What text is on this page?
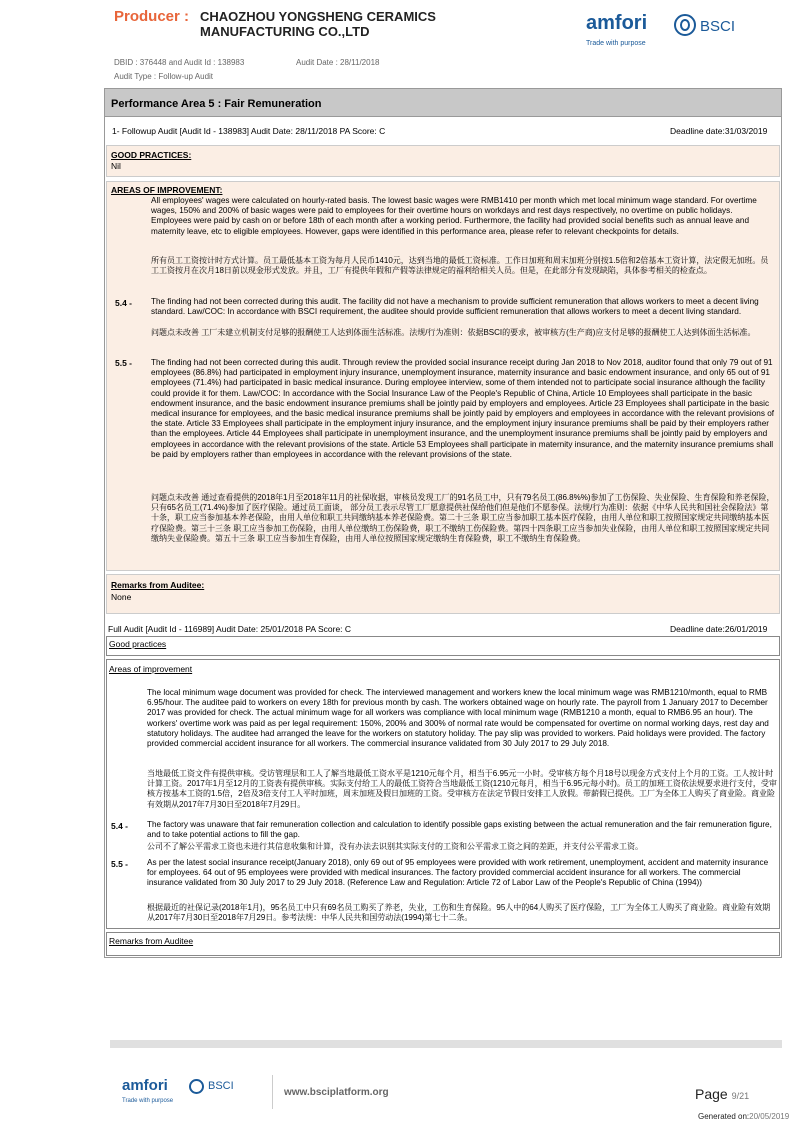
Producer : CHAOZHOU YONGSHENG CERAMICS MANUFACTURING CO.,LTD
DBID : 376448 and Audit Id : 138983	Audit Date : 28/11/2018
Audit Type : Follow-up Audit
amfori	BSCI
Trade with purpose
Performance Area 5 : Fair Remuneration
1- Followup Audit [Audit Id - 138983] Audit Date: 28/11/2018 PA Score: C	Deadline date:31/03/2019
GOOD PRACTICES:
Nil
AREAS OF IMPROVEMENT:
All employees' wages were calculated on hourly-rated basis. The lowest basic wages were RMB1410 per month which met local minimum wage standard. For overtime wages, 150% and 200% of basic wages were paid to employees for their overtime hours on workdays and rest days respectively, no overtime on public holidays. Employees were paid by cash on or before 18th of each month after a working period. Furthermore, the facility had provided social benefits such as annual leave and maternity leave, etc to eligible employees. However, gaps were identified in this performance area, please refer to relevant checkpoints for details.
所有员工工资按计时方式计算。员工最低基本工资为每月人民币1410元，达到当地的最低工资标准。工作日加班和周末加班分别按1.5倍和2倍基本工资计算，法定假无加班。员工工资按月在次月18日前以现金形式发放。并且，工厂有提供年假和产假等法律规定的福利给相关人员。但是，在此部分有发现缺陷，具体参考相关的检查点。
5.4 - The finding had not been corrected during this audit. The facility did not have a mechanism to provide sufficient remuneration that allows workers to meet a decent living standard. Law/COC: In accordance with BSCI requirement, the auditee should provide sufficient remuneration that allows workers to meet a decent living standard.
问题点未改善 工厂未建立机制支付足够的报酬使工人达到体面生活标准。法规/行为准则：依据BSCI的要求，被审核方(生产商)应支付足够的报酬使工人达到体面生活标准。
5.5 - The finding had not been corrected during this audit. Through review the provided social insurance receipt during Jan 2018 to Nov 2018, auditor found that only 79 out of 91 employees (86.8%) had participated in employment injury insurance, unemployment insurance, maternity insurance and basic endowment insurance, and only 65 out of 91 employees (71.4%) had participated in basic medical insurance. During employee interview, some of them intended not to participate social insurance although the facility could provide it for them. Law/COC: In accordance with the Social Insurance Law of the People's Republic of China, Article 10 Employees shall participate in the basic endowment insurance, and the basic endowment insurance premiums shall be jointly paid by employers and employees. Article 23 Employees shall participate in the basic medical insurance for employees, and the basic medical insurance premiums shall be jointly paid by employers and employees in accordance with the relevant provisions of the state. Article 33 Employees shall participate in the employment injury insurance, and the employment injury insurance premiums shall be paid by their employers rather than the employees. Article 44 Employees shall participate in unemployment insurance, and the unemployment insurance premiums shall be jointly paid by employers and employees in accordance with the relevant provisions of the state. Article 53 Employees shall participate in maternity insurance, and the maternity insurance premiums shall be paid by employers rather than employees in accordance with the relevant provisions of the state.
问题点未改善 通过查看提供的2018年1月至2018年11月的社保收据，审核员发现工厂的91名员工中，只有79名员工(86.8%%)参加了工伤保险、失业保险、生育保险和养老保险， 只有65名员工(71.4%)参加了医疗保险。通过员工面谈， 部分员工表示尽管工厂愿意提供社保给他们但是他们不愿参保。法规/行为准则：依据《中华人民共和国社会保险法》第十条，职工应当参加基本养老保险，由用人单位和职工共同缴纳基本养老保险费。第二十三条 职工应当参加职工基本医疗保险，由用人单位和职工按照国家规定共同缴纳基本医疗保险费。第三十三条 职工应当参加工伤保险，由用人单位缴纳工伤保险费，职工不缴纳工伤保险费。第四十四条职工应当参加失业保险，由用人单位和职工按照国家规定共同缴纳失业保险费。第五十三条 职工应当参加生育保险，由用人单位按照国家规定缴纳生育保险费，职工不缴纳生育保险费。
Remarks from Auditee:
None
Full Audit [Audit Id - 116989] Audit Date: 25/01/2018 PA Score: C	Deadline date:26/01/2019
Good practices
Areas of improvement
The local minimum wage document was provided for check. The interviewed management and workers knew the local minimum wage was RMB1210/month, equal to RMB 6.95/hour. The auditee paid to workers on every 18th for previous month by cash. The workers obtained wage on hourly rate. The payroll from 1 January 2017 to December 2017 was provided for check. The actual minimum wage for all workers was compliance with local minimum wage (RMB1210 a month, equal to RMB6.95 an hour). The workers' overtime work was paid as per legal requirement: 150%, 200% and 300% of normal rate would be compensated for overtime on normal working days, rest day and statutory holidays. The auditee had arranged the leave for the workers on statutory holiday. The pay slip was provided to workers. Paid holidays were provided. The factory provided commercial accident insurance for all workers. The commercial insurance validated from 30 July 2017 to 29 July 2018.
当地最低工资文件有提供审核。受访管理层和工人了解当地最低工资水平是1210元每个月，相当于6.95元一小时。受审核方每个月18号以现金方式支付上个月的工资。工人按计时计算工资。2017年1月至12月的工资表有提供审核。实际支付给工人的最低工资符合当地最低工资(1210元每月，相当于6.95元每小时)。员工的加班工资依法规要求进行支付，受审核方按基本工资的1.5倍，2倍及3倍支付工人平时加班，周末加班及假日加班的工资。受审核方在法定节假日安排工人放假。带薪假已提供。工厂为全体工人购买了商业险。商业险有效期从2017年7月30日至2018年7月29日。
5.4 - The factory was unaware that fair remuneration collection and calculation to identify possible gaps existing between the actual remuneration and the fair remuneration figure, and to take potential actions to fill the gap.
公司不了解公平需求工资也未进行其信息收集和计算，没有办法去识别其实际支付的工资和公平需求工资之间的差距，并支付公平需求工资。
5.5 - As per the latest social insurance receipt(January 2018), only 69 out of 95 employees were provided with work retirement, unemployment, accident and maternity insurance for employees. 64 out of 95 employees were provided with medical insurances. The factory provided commercial accident insurance for all workers. The commercial insurance validated from 30 July 2017 to 29 July 2018. (Reference Law and Regulation: Article 72 of Labor Law of the People's Republic of China (1994))
根据最近的社保记录(2018年1月)，95名员工中只有69名员工购买了养老，失业，工伤和生育保险。95人中的64人购买了医疗保险，工厂为全体工人购买了商业险。商业险有效期从2017年7月30日至2018年7月29日。参考法规：中华人民共和国劳动法(1994)第七十二条。
Remarks from Auditee
amfori	BSCI
Trade with purpose
www.bsciplatform.org	Page 9/21
Generated on:20/05/2019
